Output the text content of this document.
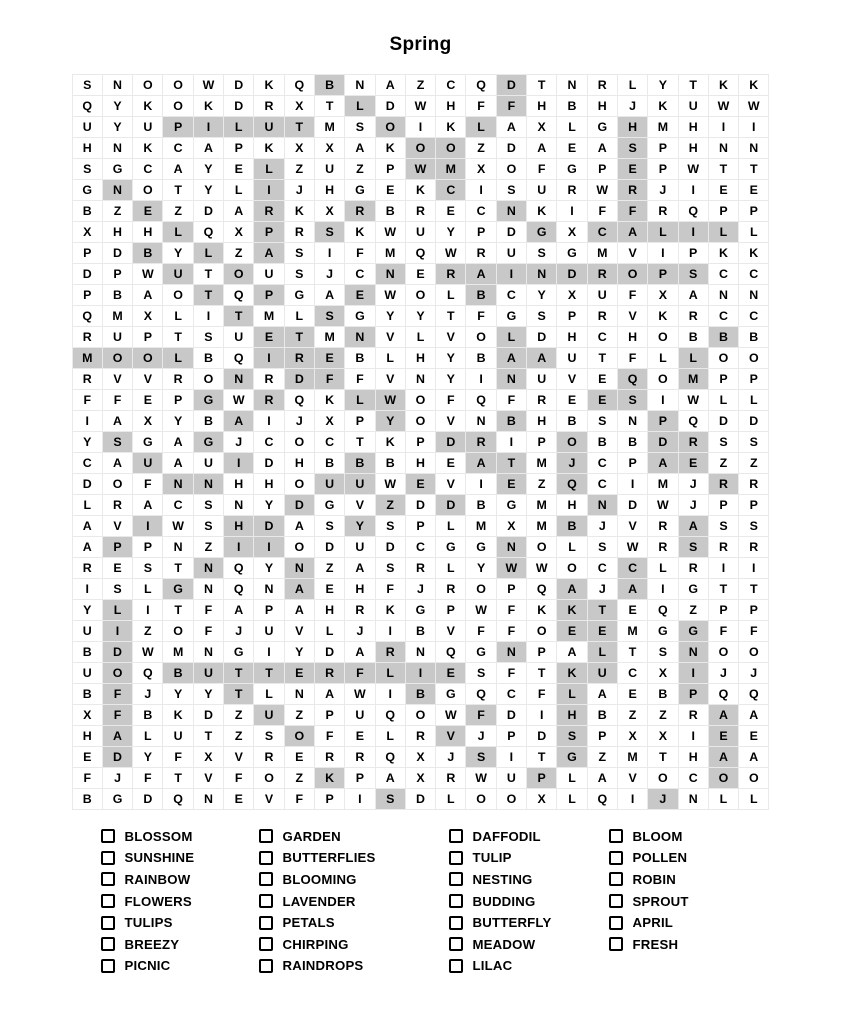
Spring
S	N	O	O	W	D	K	Q	B	N	A	Z	C	Q	D	T	N	R	L	Y	T	K	K
Q	Y	K	O	K	D	R	X	T	L	D	W	H	F	F	H	B	H	J	K	U	W	W
U	Y	U	P	I	L	U	T	M	S	O	I	K	L	A	X	L	G	H	M	H	I	I
H	N	K	C	A	P	K	X	X	A	K	O	O	Z	D	A	E	A	S	P	H	N	N
S	G	C	A	Y	E	L	Z	U	Z	P	W	M	X	O	F	G	P	E	P	W	T	T
G	N	O	T	Y	L	I	J	H	G	E	K	C	I	S	U	R	W	R	J	I	E	E
B	Z	E	Z	D	A	R	K	X	R	B	R	E	C	N	K	I	F	F	R	Q	P	P
X	H	H	L	Q	X	P	R	S	K	W	U	Y	P	D	G	X	C	A	L	I	L	L
P	D	B	Y	L	Z	A	S	I	F	M	Q	W	R	U	S	G	M	V	I	P	K	K
D	P	W	U	T	O	U	S	J	C	N	E	R	A	I	N	D	R	O	P	S	C	C
P	B	A	O	T	Q	P	G	A	E	W	O	L	B	C	Y	X	U	F	X	A	N	N
Q	M	X	L	I	T	M	L	S	G	Y	Y	T	F	G	S	P	R	V	K	R	C	C
R	U	P	T	S	U	E	T	M	N	V	L	V	O	L	D	H	C	H	O	B	B	B
M	O	O	L	B	Q	I	R	E	B	L	H	Y	B	A	A	U	T	F	L	L	O	O
R	V	V	R	O	N	R	D	F	F	V	N	Y	I	N	U	V	E	Q	O	M	P	P
F	F	E	P	G	W	R	Q	K	L	W	O	F	Q	F	R	E	E	S	I	W	L	L
I	A	X	Y	B	A	I	J	X	P	Y	O	V	N	B	H	B	S	N	P	Q	D	D
Y	S	G	A	G	J	C	O	C	T	K	P	D	R	I	P	O	B	B	D	R	S	S
C	A	U	A	U	I	D	H	B	B	B	H	E	A	T	M	J	C	P	A	E	Z	Z
D	O	F	N	N	H	H	O	U	U	W	E	V	I	E	Z	Q	C	I	M	J	R	R
L	R	A	C	S	N	Y	D	G	V	Z	D	D	B	G	M	H	N	D	W	J	P	P
A	V	I	W	S	H	D	A	S	Y	S	P	L	M	X	M	B	J	V	R	A	S	S
A	P	P	N	Z	I	I	O	D	U	D	C	G	G	N	O	L	S	W	R	S	R	R
R	E	S	T	N	Q	Y	N	Z	A	S	R	L	Y	W	W	O	C	C	L	R	I	I
I	S	L	G	N	Q	N	A	E	H	F	J	R	O	P	Q	A	J	A	I	G	T	T
Y	L	I	T	F	A	P	A	H	R	K	G	P	W	F	K	K	T	E	Q	Z	P	P
U	I	Z	O	F	J	U	V	L	J	I	B	V	F	F	O	E	E	M	G	G	F	F
B	D	W	M	N	G	I	Y	D	A	R	N	Q	G	N	P	A	L	T	S	N	O	O
U	O	Q	B	U	T	T	E	R	F	L	I	E	S	F	T	K	U	C	X	I	J	J
B	F	J	Y	Y	T	L	N	A	W	I	B	G	Q	C	F	L	A	E	B	P	Q	Q
X	F	B	K	D	Z	U	Z	P	U	Q	O	W	F	D	I	H	B	Z	Z	R	A	A
H	A	L	U	T	Z	S	O	F	E	L	R	V	J	P	D	S	P	X	X	I	E	E
E	D	Y	F	X	V	R	E	R	R	Q	X	J	S	I	T	G	Z	M	T	H	A	A
F	J	F	T	V	F	O	Z	K	P	A	X	R	W	U	P	L	A	V	O	C	O	O
B	G	D	Q	N	E	V	F	P	I	S	D	L	O	O	X	L	Q	I	J	N	L	L
BLOSSOM
SUNSHINE
RAINBOW
FLOWERS
TULIPS
BREEZY
PICNIC
GARDEN
BUTTERFLIES
BLOOMING
LAVENDER
PETALS
CHIRPING
RAINDROPS
DAFFODIL
TULIP
NESTING
BUDDING
BUTTERFLY
MEADOW
LILAC
BLOOM
POLLEN
ROBIN
SPROUT
APRIL
FRESH
